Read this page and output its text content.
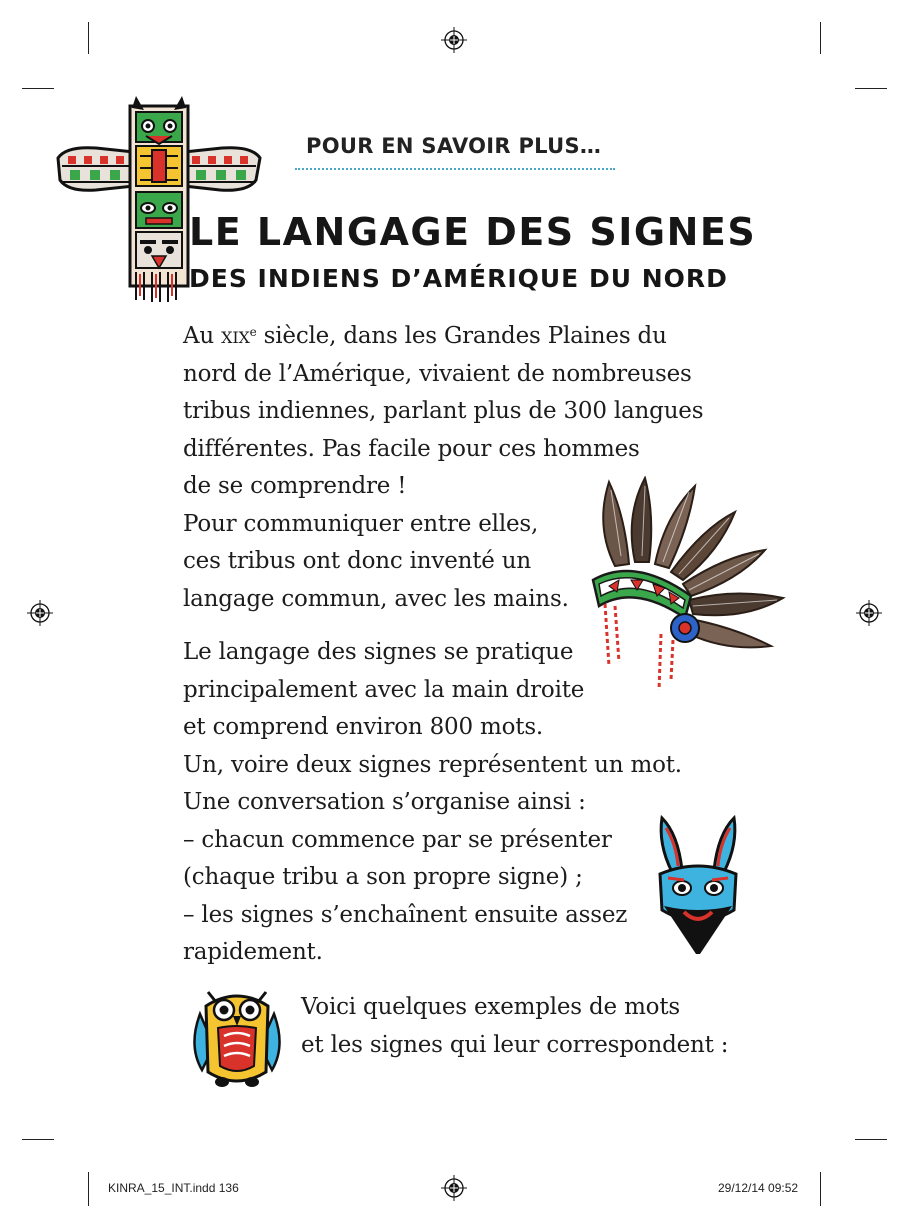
POUR EN SAVOIR PLUS…
LE LANGAGE DES SIGNES
DES INDIENS D’AMÉRIQUE DU NORD
Au XIXe siècle, dans les Grandes Plaines du
nord de l’Amérique, vivaient de nombreuses
tribus indiennes, parlant plus de 300 langues
différentes. Pas facile pour ces hommes
de se comprendre !
Pour communiquer entre elles,
ces tribus ont donc inventé un
langage commun, avec les mains.
Le langage des signes se pratique
principalement avec la main droite
et comprend environ 800 mots.
Un, voire deux signes représentent un mot.
Une conversation s’organise ainsi :
– chacun commence par se présenter
(chaque tribu a son propre signe) ;
– les signes s’enchaînent ensuite assez
rapidement.
Voici quelques exemples de mots
et les signes qui leur correspondent :
KINRA_15_INT.indd 136	29/12/14 09:52
